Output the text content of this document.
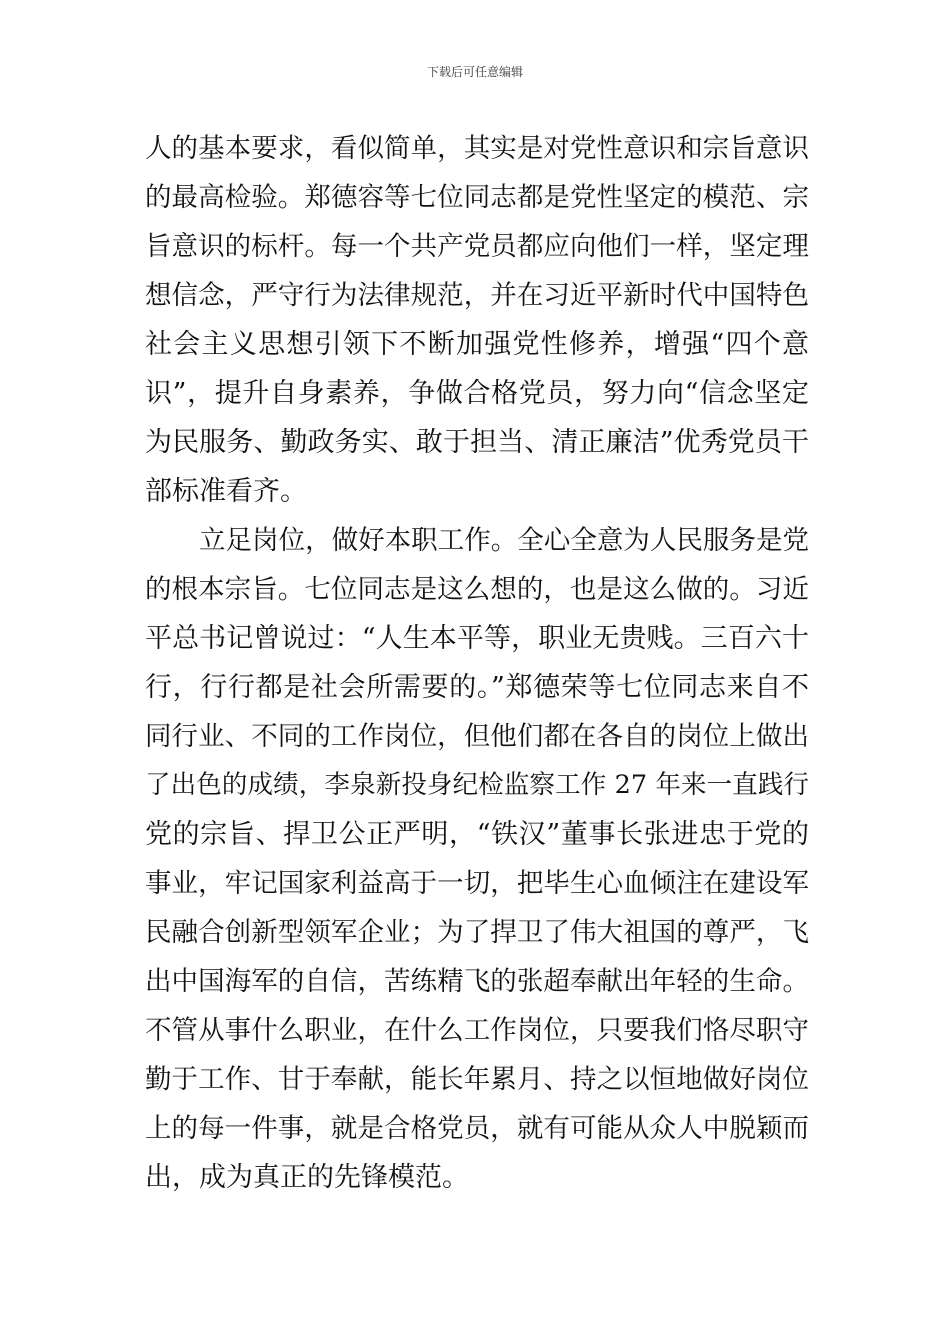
下载后可任意编辑
人的基本要求，看似简单，其实是对党性意识和宗旨意识
的最高检验。郑德容等七位同志都是党性坚定的模范、宗
旨意识的标杆。每一个共产党员都应向他们一样，坚定理
想信念，严守行为法律规范，并在习近平新时代中国特色
社会主义思想引领下不断加强党性修养，增强“四个意
识”，提升自身素养，争做合格党员，努力向“信念坚定
为民服务、勤政务实、敢于担当、清正廉洁”优秀党员干
部标准看齐。
立足岗位，做好本职工作。全心全意为人民服务是党
的根本宗旨。七位同志是这么想的，也是这么做的。习近
平总书记曾说过：“人生本平等，职业无贵贱。三百六十
行，行行都是社会所需要的。”郑德荣等七位同志来自不
同行业、不同的工作岗位，但他们都在各自的岗位上做出
了出色的成绩，李泉新投身纪检监察工作 27 年来一直践行
党的宗旨、捍卫公正严明，“铁汉”董事长张进忠于党的
事业，牢记国家利益高于一切，把毕生心血倾注在建设军
民融合创新型领军企业；为了捍卫了伟大祖国的尊严，飞
出中国海军的自信，苦练精飞的张超奉献出年轻的生命。
不管从事什么职业，在什么工作岗位，只要我们恪尽职守
勤于工作、甘于奉献，能长年累月、持之以恒地做好岗位
上的每一件事，就是合格党员，就有可能从众人中脱颖而
出，成为真正的先锋模范。
